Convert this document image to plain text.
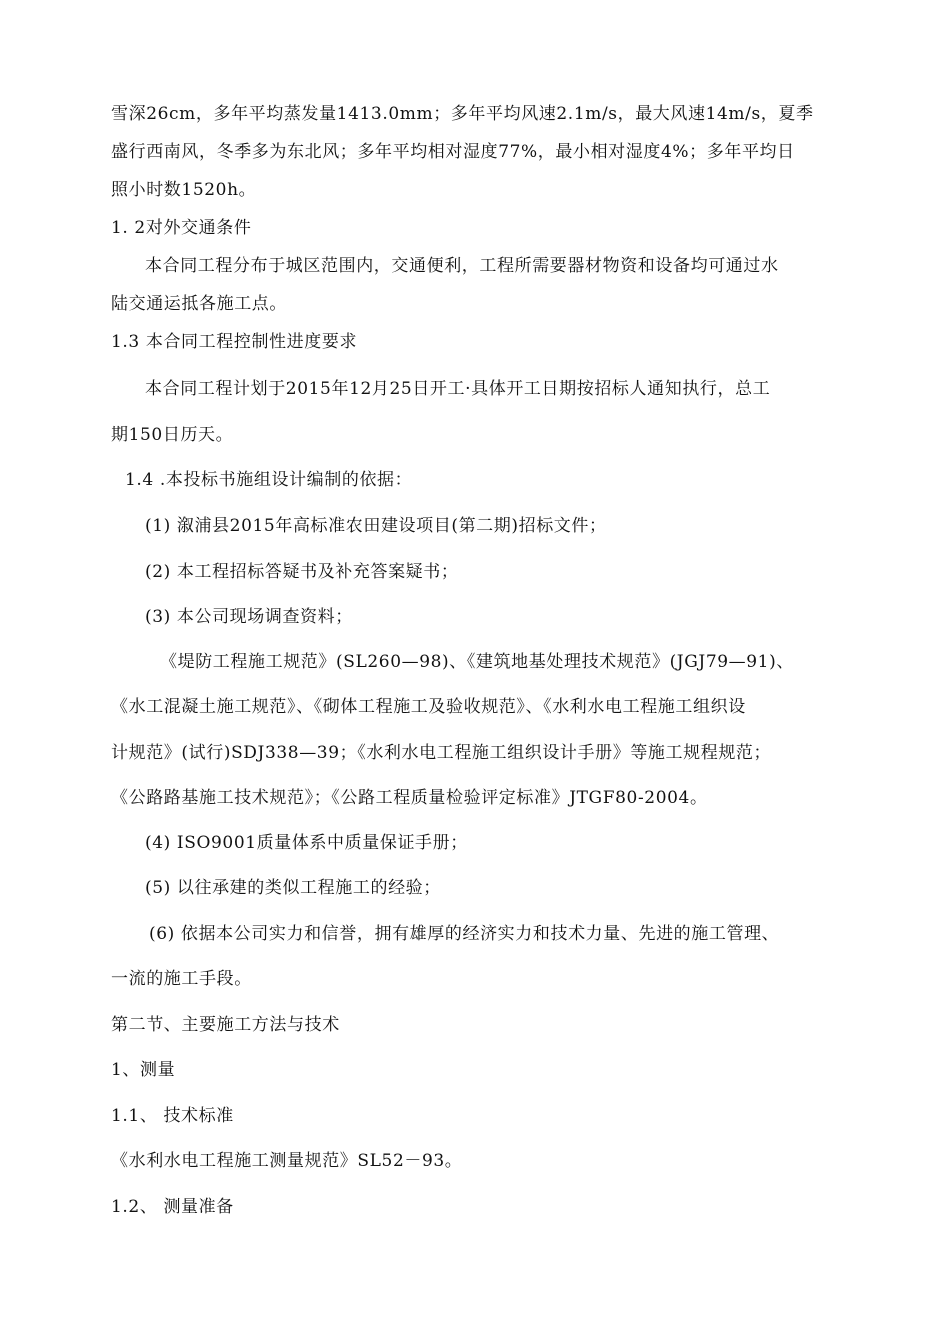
雪深26cm，多年平均蒸发量1413.0mm；多年平均风速2.1m/s，最大风速14m/s，夏季
盛行西南风，冬季多为东北风；多年平均相对湿度77%，最小相对湿度4%；多年平均日
照小时数1520h。
1. 2对外交通条件
本合同工程分布于城区范围内，交通便利，工程所需要器材物资和设备均可通过水
陆交通运抵各施工点。
1.3 本合同工程控制性进度要求
本合同工程计划于2015年12月25日开工·具体开工日期按招标人通知执行，总工
期150日历天。
1.4 .本投标书施组设计编制的依据：
(1) 溆浦县2015年高标准农田建设项目(第二期)招标文件；
(2) 本工程招标答疑书及补充答案疑书；
(3) 本公司现场调查资料；
《堤防工程施工规范》(SL260—98)、《建筑地基处理技术规范》(JGJ79—91)、
《水工混凝土施工规范》、《砌体工程施工及验收规范》、《水利水电工程施工组织设
计规范》(试行)SDJ338—39；《水利水电工程施工组织设计手册》等施工规程规范；
《公路路基施工技术规范》；《公路工程质量检验评定标准》JTGF80-2004。
(4) ISO9001质量体系中质量保证手册；
(5) 以往承建的类似工程施工的经验；
(6) 依据本公司实力和信誉，拥有雄厚的经济实力和技术力量、先进的施工管理、
一流的施工手段。
第二节、主要施工方法与技术
1、测量
1.1、 技术标准
《水利水电工程施工测量规范》SL52－93。
1.2、 测量准备
